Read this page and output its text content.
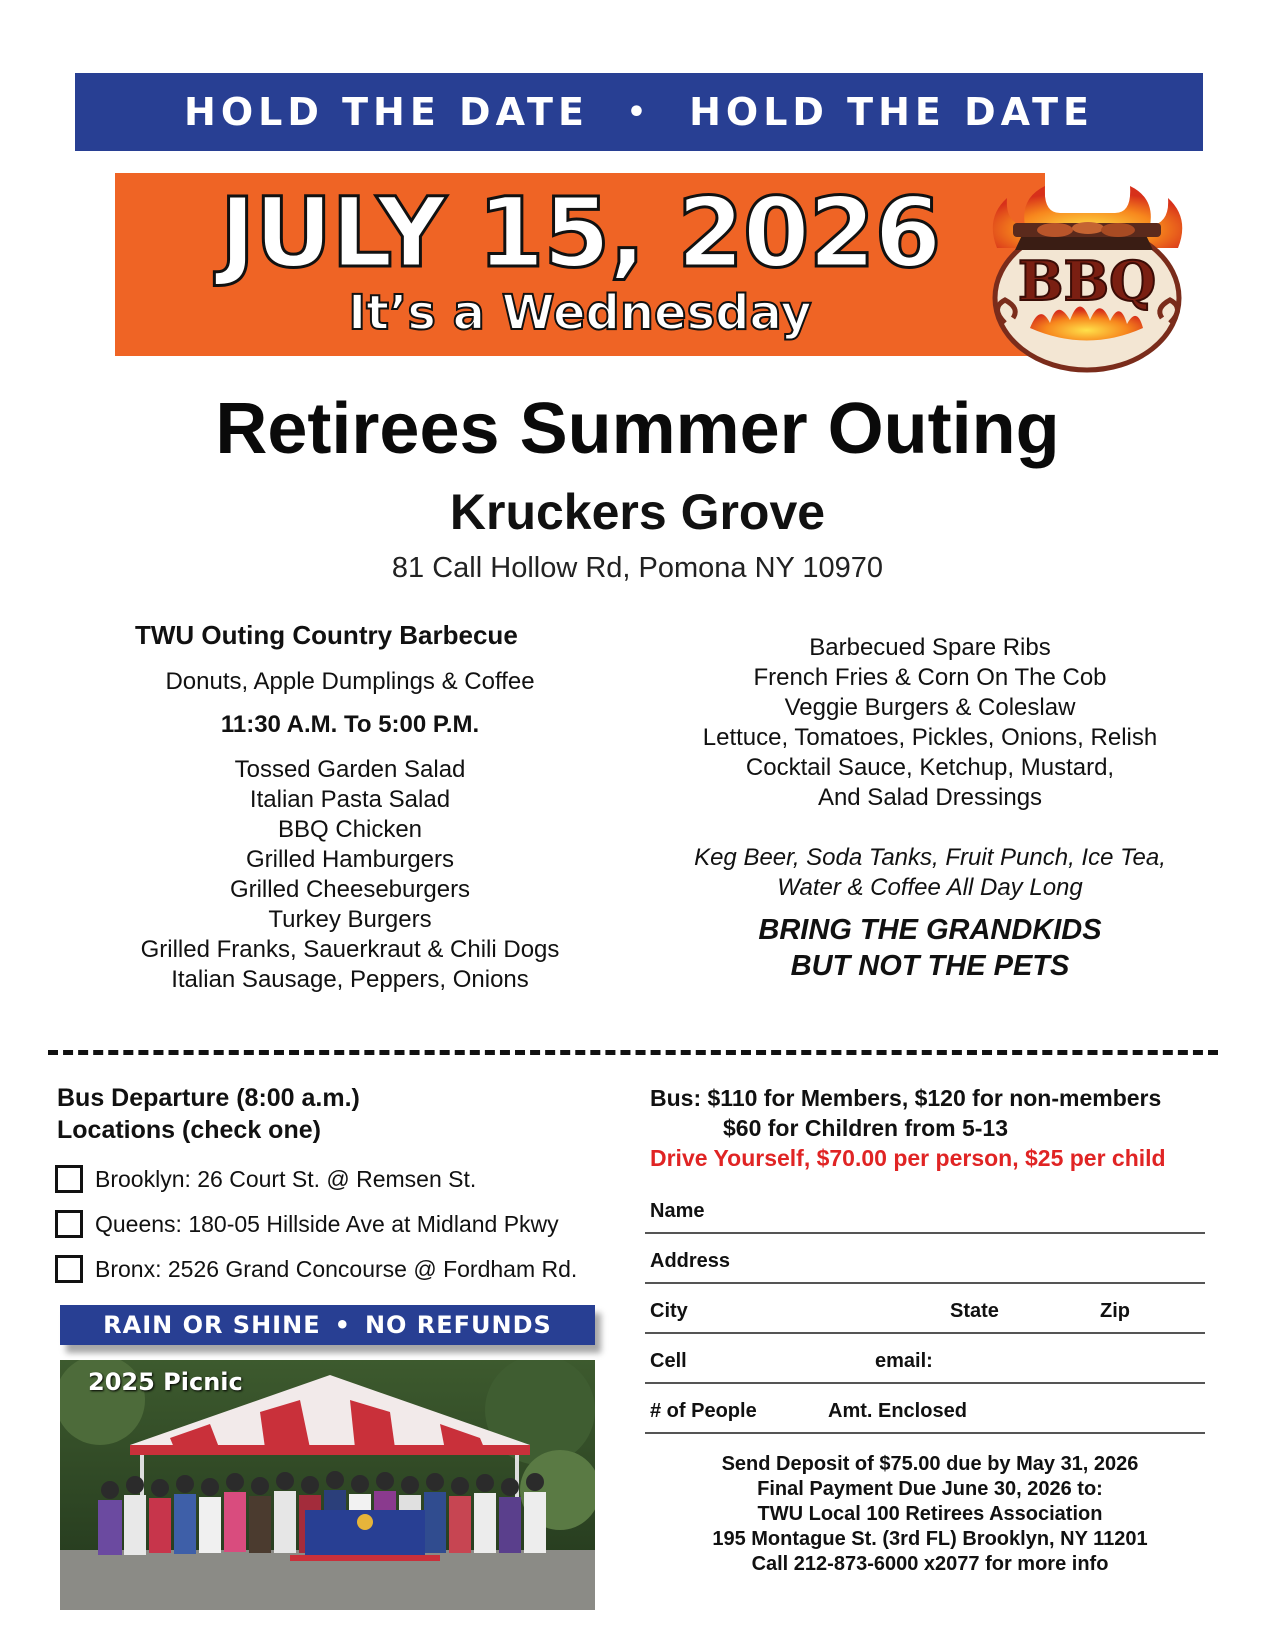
HOLD THE DATE • HOLD THE DATE
JULY 15, 2026
It’s a Wednesday	BBQ
Retirees Summer Outing
Kruckers Grove
81 Call Hollow Rd, Pomona NY 10970
TWU Outing Country Barbecue
Donuts, Apple Dumplings & Coffee
11:30 A.M. To 5:00 P.M.
Tossed Garden Salad
Italian Pasta Salad
BBQ Chicken
Grilled Hamburgers
Grilled Cheeseburgers
Turkey Burgers
Grilled Franks, Sauerkraut & Chili Dogs
Italian Sausage, Peppers, Onions
Barbecued Spare Ribs
French Fries & Corn On The Cob
Veggie Burgers & Coleslaw
Lettuce, Tomatoes, Pickles, Onions, Relish
Cocktail Sauce, Ketchup, Mustard,
And Salad Dressings
Keg Beer, Soda Tanks, Fruit Punch, Ice Tea,
Water & Coffee All Day Long
BRING THE GRANDKIDS
BUT NOT THE PETS
Bus Departure (8:00 a.m.)
Locations (check one)
Brooklyn: 26 Court St. @ Remsen St.
Queens: 180-05 Hillside Ave at Midland Pkwy
Bronx: 2526 Grand Concourse @ Fordham Rd.
RAIN OR SHINE • NO REFUNDS
2025 Picnic
Bus: $110 for Members, $120 for non-members
$60 for Children from 5-13
Drive Yourself, $70.00 per person, $25 per child
Name
Address
City	State	Zip
Cell	email:
# of People	Amt. Enclosed
Send Deposit of $75.00 due by May 31, 2026
Final Payment Due June 30, 2026 to:
TWU Local 100 Retirees Association
195 Montague St. (3rd FL) Brooklyn, NY 11201
Call 212-873-6000 x2077 for more info
